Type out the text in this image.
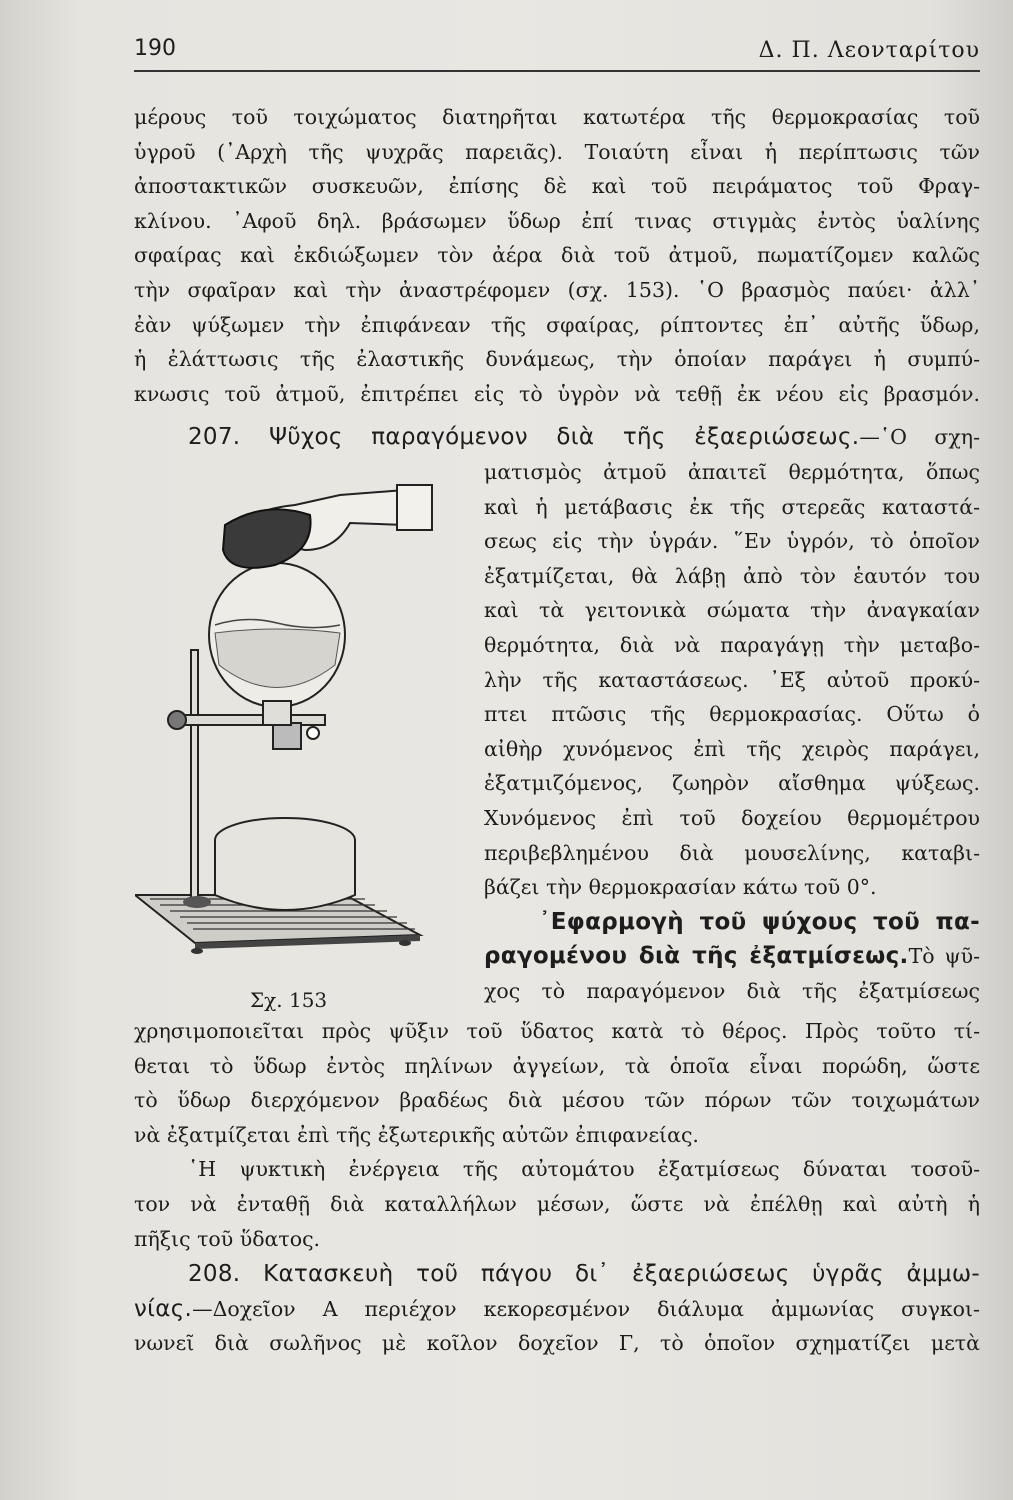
190	Δ. Π. Λεονταρίτου
μέρους τοῦ τοιχώματος διατηρῆται κατωτέρα τῆς θερμοκρασίας τοῦ
ὑγροῦ (᾿Αρχὴ τῆς ψυχρᾶς παρειᾶς). Τοιαύτη εἶναι ἡ περίπτωσις τῶν
ἀποστακτικῶν συσκευῶν, ἐπίσης δὲ καὶ τοῦ πειράματος τοῦ Φραγ-
κλίνου. ᾿Αφοῦ δηλ. βράσωμεν ὕδωρ ἐπί τινας στιγμὰς ἐντὸς ὑαλίνης
σφαίρας καὶ ἐκδιώξωμεν τὸν ἀέρα διὰ τοῦ ἀτμοῦ, πωματίζομεν καλῶς
τὴν σφαῖραν καὶ τὴν ἀναστρέφομεν (σχ. 153). ῾Ο βρασμὸς παύει· ἀλλ᾿
ἐὰν ψύξωμεν τὴν ἐπιφάνεαν τῆς σφαίρας, ρίπτοντες ἐπ᾿ αὐτῆς ὕδωρ,
ἡ ἐλάττωσις τῆς ἐλαστικῆς δυνάμεως, τὴν ὁποίαν παράγει ἡ συμπύ-
κνωσις τοῦ ἀτμοῦ, ἐπιτρέπει εἰς τὸ ὑγρὸν νὰ τεθῇ ἐκ νέου εἰς βρασμόν.
207. Ψῦχος παραγόμενον διὰ τῆς ἐξαεριώσεως.—῾Ο σχη-
ματισμὸς ἀτμοῦ ἀπαιτεῖ θερμότητα, ὅπως
καὶ ἡ μετάβασις ἐκ τῆς στερεᾶς καταστά-
σεως εἰς τὴν ὑγράν. ῞Εν ὑγρόν, τὸ ὁποῖον
ἐξατμίζεται, θὰ λάβῃ ἀπὸ τὸν ἑαυτόν του
καὶ τὰ γειτονικὰ σώματα τὴν ἀναγκαίαν
θερμότητα, διὰ νὰ παραγάγῃ τὴν μεταβο-
λὴν τῆς καταστάσεως. ᾿Εξ αὐτοῦ προκύ-
πτει πτῶσις τῆς θερμοκρασίας. Οὕτω ὁ
αἰθὴρ χυνόμενος ἐπὶ τῆς χειρὸς παράγει,
ἐξατμιζόμενος, ζωηρὸν αἴσθημα ψύξεως.
Χυνόμενος ἐπὶ τοῦ δοχείου θερμομέτρου
περιβεβλημένου διὰ μουσελίνης, καταβι-
βάζει τὴν θερμοκρασίαν κάτω τοῦ 0°.
᾿Εφαρμογὴ τοῦ ψύχους τοῦ πα-
ραγομένου διὰ τῆς ἐξατμίσεως.Τὸ ψῦ-
χος τὸ παραγόμενον διὰ τῆς ἐξατμίσεως
Σχ. 153
χρησιμοποιεῖται πρὸς ψῦξιν τοῦ ὕδατος κατὰ τὸ θέρος. Πρὸς τοῦτο τί-
θεται τὸ ὕδωρ ἐντὸς πηλίνων ἀγγείων, τὰ ὁποῖα εἶναι πορώδη, ὥστε
τὸ ὕδωρ διερχόμενον βραδέως διὰ μέσου τῶν πόρων τῶν τοιχωμάτων
νὰ ἐξατμίζεται ἐπὶ τῆς ἐξωτερικῆς αὐτῶν ἐπιφανείας.
῾Η ψυκτικὴ ἐνέργεια τῆς αὐτομάτου ἐξατμίσεως δύναται τοσοῦ-
τον νὰ ἐνταθῇ διὰ καταλλήλων μέσων, ὥστε νὰ ἐπέλθῃ καὶ αὐτὴ ἡ
πῆξις τοῦ ὕδατος.
208. Κατασκευὴ τοῦ πάγου δι᾿ ἐξαεριώσεως ὑγρᾶς ἀμμω-
νίας.—Δοχεῖον Α περιέχον κεκορεσμένον διάλυμα ἀμμωνίας συγκοι-
νωνεῖ διὰ σωλῆνος μὲ κοῖλον δοχεῖον Γ, τὸ ὁποῖον σχηματίζει μετὰ
